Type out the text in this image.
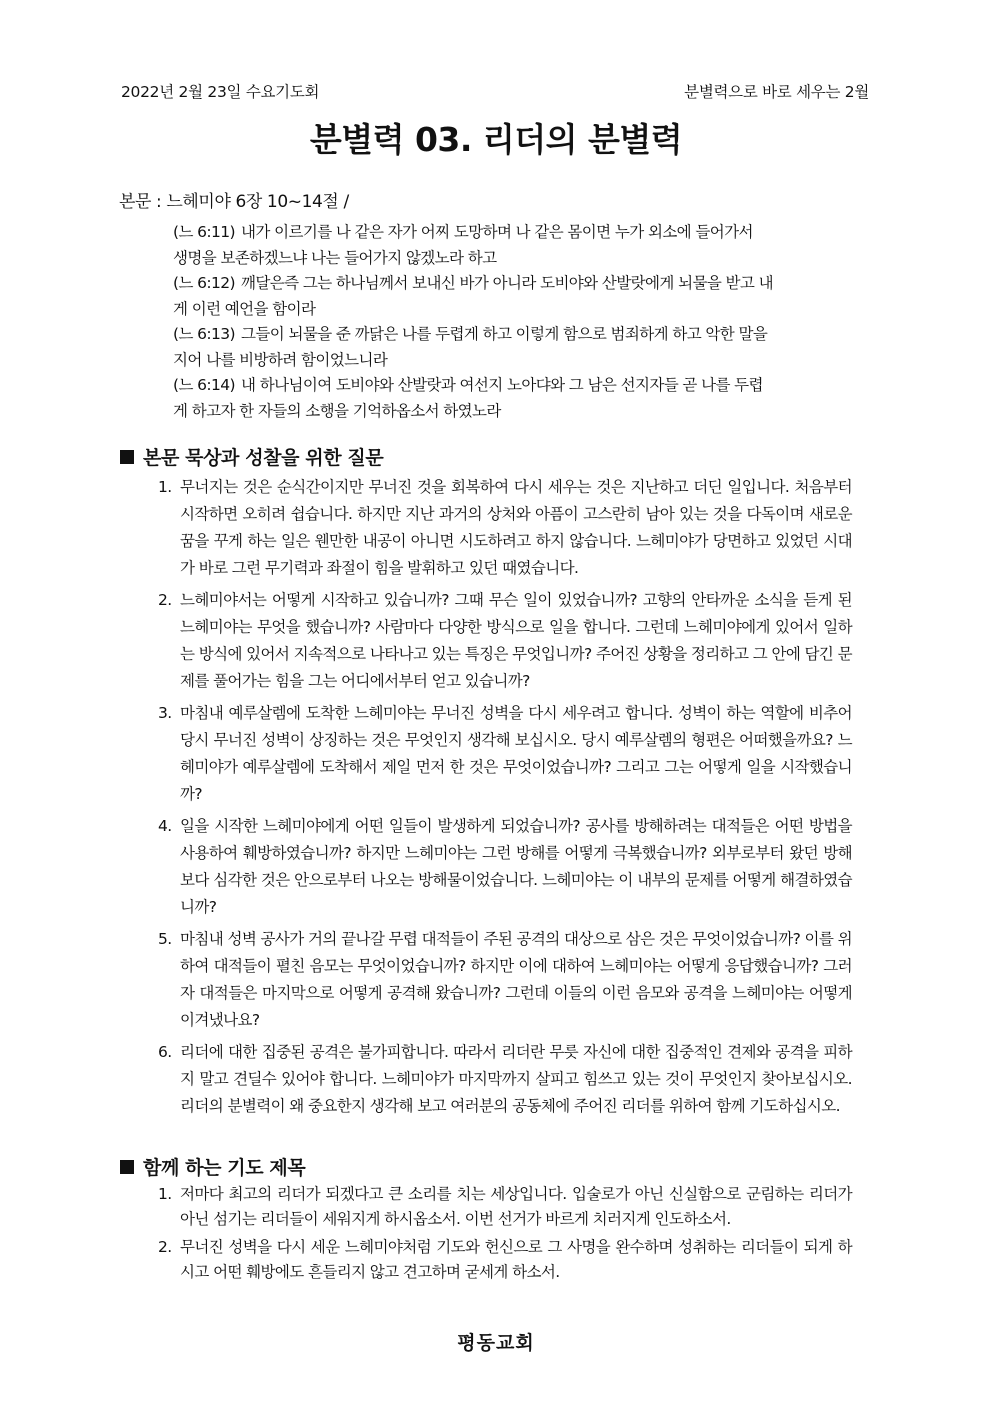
2022년 2월 23일 수요기도회	분별력으로 바로 세우는 2월
분별력 03. 리더의 분별력
본문 : 느헤미야 6장 10~14절 /
(느 6:11) 내가 이르기를 나 같은 자가 어찌 도망하며 나 같은 몸이면 누가 외소에 들어가서
생명을 보존하겠느냐 나는 들어가지 않겠노라 하고
(느 6:12) 깨달은즉 그는 하나님께서 보내신 바가 아니라 도비야와 산발랏에게 뇌물을 받고 내
게 이런 예언을 함이라
(느 6:13) 그들이 뇌물을 준 까닭은 나를 두렵게 하고 이렇게 함으로 범죄하게 하고 악한 말을
지어 나를 비방하려 함이었느니라
(느 6:14) 내 하나님이여 도비야와 산발랏과 여선지 노아댜와 그 남은 선지자들 곧 나를 두렵
게 하고자 한 자들의 소행을 기억하옵소서 하였노라
본문 묵상과 성찰을 위한 질문
1. 무너지는 것은 순식간이지만 무너진 것을 회복하여 다시 세우는 것은 지난하고 더딘 일입니다. 처음부터 시작하면 오히려 쉽습니다. 하지만 지난 과거의 상처와 아픔이 고스란히 남아 있는 것을 다독이며 새로운 꿈을 꾸게 하는 일은 웬만한 내공이 아니면 시도하려고 하지 않습니다. 느헤미야가 당면하고 있었던 시대가 바로 그런 무기력과 좌절이 힘을 발휘하고 있던 때였습니다.
2. 느헤미야서는 어떻게 시작하고 있습니까? 그때 무슨 일이 있었습니까? 고향의 안타까운 소식을 듣게 된 느헤미야는 무엇을 했습니까? 사람마다 다양한 방식으로 일을 합니다. 그런데 느헤미야에게 있어서 일하는 방식에 있어서 지속적으로 나타나고 있는 특징은 무엇입니까? 주어진 상황을 정리하고 그 안에 담긴 문제를 풀어가는 힘을 그는 어디에서부터 얻고 있습니까?
3. 마침내 예루살렘에 도착한 느헤미야는 무너진 성벽을 다시 세우려고 합니다. 성벽이 하는 역할에 비추어 당시 무너진 성벽이 상징하는 것은 무엇인지 생각해 보십시오. 당시 예루살렘의 형편은 어떠했을까요? 느헤미야가 예루살렘에 도착해서 제일 먼저 한 것은 무엇이었습니까? 그리고 그는 어떻게 일을 시작했습니까?
4. 일을 시작한 느헤미야에게 어떤 일들이 발생하게 되었습니까? 공사를 방해하려는 대적들은 어떤 방법을 사용하여 훼방하였습니까? 하지만 느헤미야는 그런 방해를 어떻게 극복했습니까? 외부로부터 왔던 방해보다 심각한 것은 안으로부터 나오는 방해물이었습니다. 느헤미야는 이 내부의 문제를 어떻게 해결하였습니까?
5. 마침내 성벽 공사가 거의 끝나갈 무렵 대적들이 주된 공격의 대상으로 삼은 것은 무엇이었습니까? 이를 위하여 대적들이 펼친 음모는 무엇이었습니까? 하지만 이에 대하여 느헤미야는 어떻게 응답했습니까? 그러자 대적들은 마지막으로 어떻게 공격해 왔습니까? 그런데 이들의 이런 음모와 공격을 느헤미야는 어떻게 이겨냈나요?
6. 리더에 대한 집중된 공격은 불가피합니다. 따라서 리더란 무릇 자신에 대한 집중적인 견제와 공격을 피하지 말고 견딜수 있어야 합니다. 느헤미야가 마지막까지 살피고 힘쓰고 있는 것이 무엇인지 찾아보십시오. 리더의 분별력이 왜 중요한지 생각해 보고 여러분의 공동체에 주어진 리더를 위하여 함께 기도하십시오.
함께 하는 기도 제목
1. 저마다 최고의 리더가 되겠다고 큰 소리를 치는 세상입니다. 입술로가 아닌 신실함으로 군림하는 리더가 아닌 섬기는 리더들이 세워지게 하시옵소서. 이번 선거가 바르게 치러지게 인도하소서.
2. 무너진 성벽을 다시 세운 느헤미야처럼 기도와 헌신으로 그 사명을 완수하며 성취하는 리더들이 되게 하시고 어떤 훼방에도 흔들리지 않고 견고하며 굳세게 하소서.
평동교회
